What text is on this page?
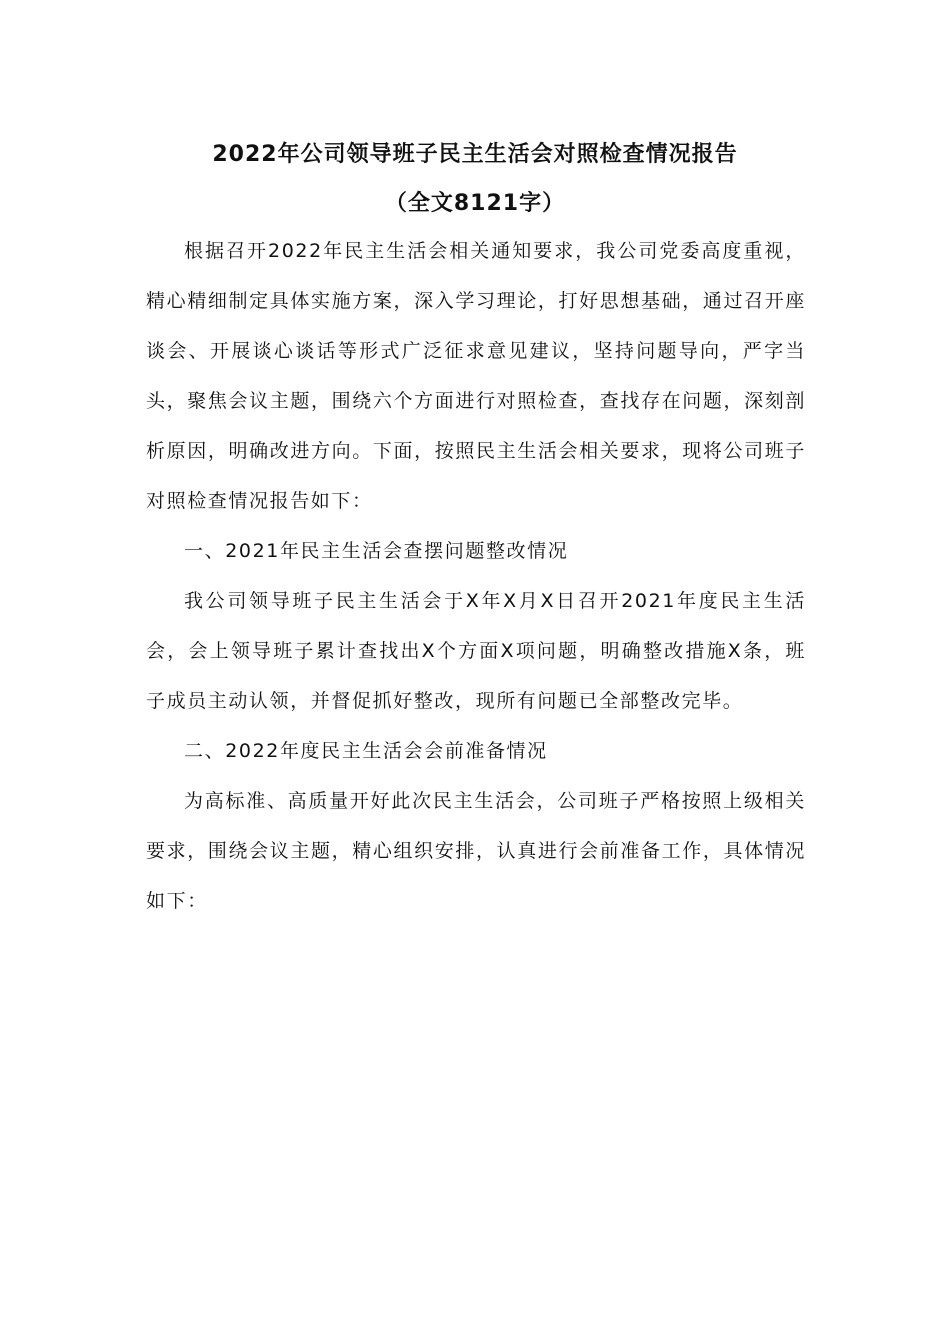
2022年公司领导班子民主生活会对照检查情况报告
（全文8121字）

根据召开2022年民主生活会相关通知要求，我公司党委高度重视，精心精细制定具体实施方案，深入学习理论，打好思想基础，通过召开座谈会、开展谈心谈话等形式广泛征求意见建议，坚持问题导向，严字当头，聚焦会议主题，围绕六个方面进行对照检查，查找存在问题，深刻剖析原因，明确改进方向。下面，按照民主生活会相关要求，现将公司班子对照检查情况报告如下：

一、2021年民主生活会查摆问题整改情况

我公司领导班子民主生活会于X年X月X日召开2021年度民主生活会，会上领导班子累计查找出X个方面X项问题，明确整改措施X条，班子成员主动认领，并督促抓好整改，现所有问题已全部整改完毕。

二、2022年度民主生活会会前准备情况

为高标准、高质量开好此次民主生活会，公司班子严格按照上级相关要求，围绕会议主题，精心组织安排，认真进行会前准备工作，具体情况如下：
